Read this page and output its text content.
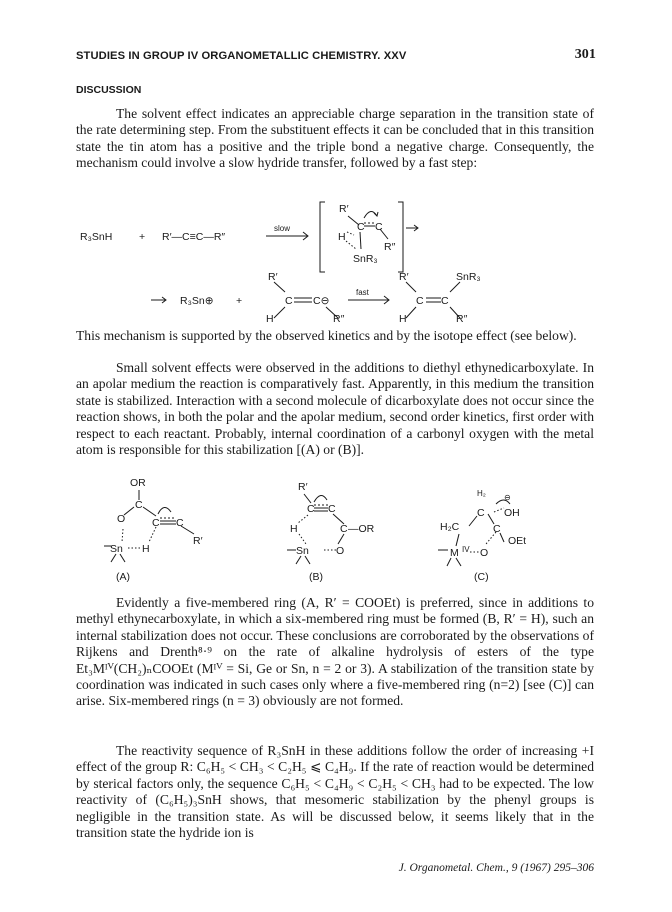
STUDIES IN GROUP IV ORGANOMETALLIC CHEMISTRY. XXV	301
DISCUSSION

The solvent effect indicates an appreciable charge separation in the transition state of the rate determining step. From the substituent effects it can be concluded that in this transition state the tin atom has a positive and the triple bond a negative charge. Consequently, the mechanism could involve a slow hydride transfer, followed by a fast step:

R₃SnH	+ R′—C≡C—R″
slow
R′
C C
H
R″
SnR₃
R₃Sn⊕ +
R′
C C⊖
H	R″
fast
R′	SnR₃
C C
H	R″

This mechanism is supported by the observed kinetics and by the isotope effect (see below).

Small solvent effects were observed in the additions to diethyl ethynedicarboxylate. In an apolar medium the reaction is comparatively fast. Apparently, in this medium the transition state is stabilized. Interaction with a second molecule of dicarboxylate does not occur since the reaction shows, in both the polar and the apolar medium, second order kinetics, first order with respect to each reactant. Probably, internal coordination of a carbonyl oxygen with the metal atom is responsible for this stabilization [(A) or (B)].

OR
C
O	C C
Sn H
R′
(A)
R′
C C
H	C —OR
Sn	O
(B)
H₂
C
⊖
OH
H₂C	C
OEt
M IV O
(C)

Evidently a five-membered ring (A, R′ = COOEt) is preferred, since in additions to methyl ethynecarboxylate, in which a six-membered ring must be formed (B, R′ = H), such an internal stabilization does not occur. These conclusions are corroborated by the observations of Rijkens and Drenth⁸·⁹ on the rate of alkaline hydrolysis of esters of the type Et₃Mᴵⱽ(CH₂)ₙCOOEt (Mᴵⱽ = Si, Ge or Sn, n = 2 or 3). A stabilization of the transition state by coordination was indicated in such cases only where a five-membered ring (n=2) [see (C)] can arise. Six-membered rings (n = 3) obviously are not formed.

The reactivity sequence of R₃SnH in these additions follow the order of increasing +I effect of the group R: C₆H₅ < CH₃ < C₂H₅ ⩽ C₄H₉. If the rate of reaction would be determined by sterical factors only, the sequence C₆H₅ < C₄H₉ < C₂H₅ < CH₃ had to be expected. The low reactivity of (C₆H₅)₃SnH shows, that mesomeric stabilization by the phenyl groups is negligible in the transition state. As will be discussed below, it seems likely that in the transition state the hydride ion is

J. Organometal. Chem., 9 (1967) 295–306
